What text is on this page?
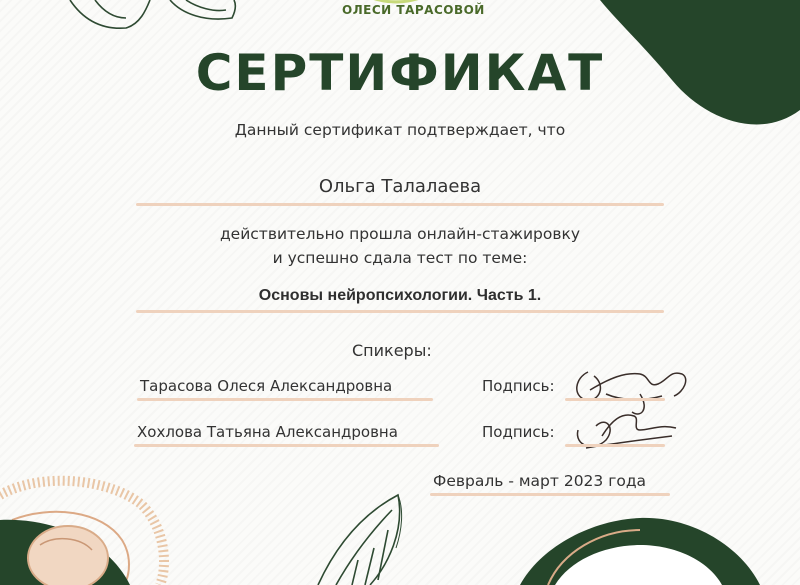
ОЛЕСИ ТАРАСОВОЙ
СЕРТИФИКАТ
Данный сертификат подтверждает, что
Ольга Талалаева
действительно прошла онлайн-стажировку
и успешно сдала тест по теме:
Основы нейропсихологии. Часть 1.
Спикеры:
Тарасова Олеся Александровна	Подпись:
Хохлова Татьяна Александровна	Подпись:
Февраль - март 2023 года
